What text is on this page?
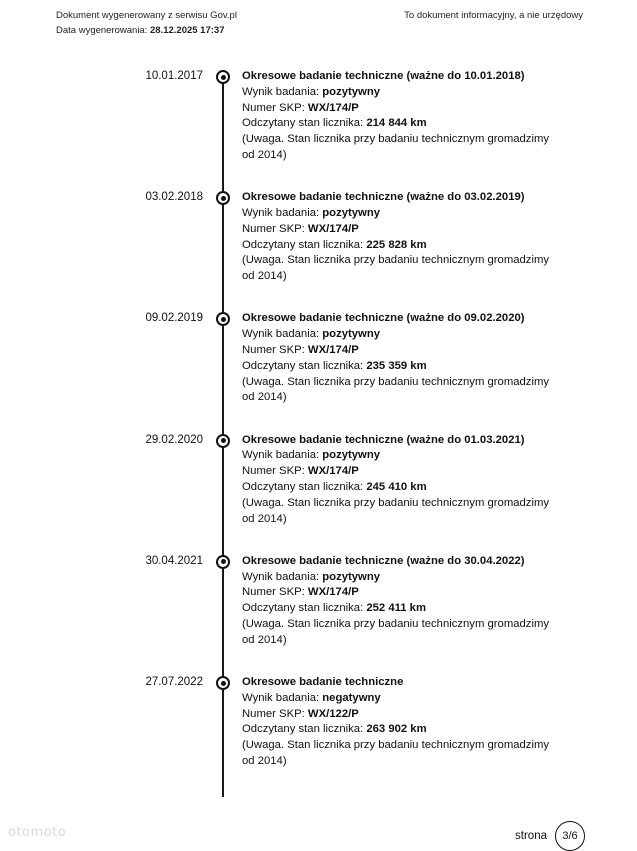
Dokument wygenerowany z serwisu Gov.pl
Data wygenerowania: 28.12.2025 17:37
To dokument informacyjny, a nie urzędowy
10.01.2017	Okresowe badanie techniczne (ważne do 10.01.2018)
Wynik badania: pozytywny
Numer SKP: WX/174/P
Odczytany stan licznika: 214 844 km
(Uwaga. Stan licznika przy badaniu technicznym gromadzimy od 2014)
03.02.2018	Okresowe badanie techniczne (ważne do 03.02.2019)
Wynik badania: pozytywny
Numer SKP: WX/174/P
Odczytany stan licznika: 225 828 km
(Uwaga. Stan licznika przy badaniu technicznym gromadzimy od 2014)
09.02.2019	Okresowe badanie techniczne (ważne do 09.02.2020)
Wynik badania: pozytywny
Numer SKP: WX/174/P
Odczytany stan licznika: 235 359 km
(Uwaga. Stan licznika przy badaniu technicznym gromadzimy od 2014)
29.02.2020	Okresowe badanie techniczne (ważne do 01.03.2021)
Wynik badania: pozytywny
Numer SKP: WX/174/P
Odczytany stan licznika: 245 410 km
(Uwaga. Stan licznika przy badaniu technicznym gromadzimy od 2014)
30.04.2021	Okresowe badanie techniczne (ważne do 30.04.2022)
Wynik badania: pozytywny
Numer SKP: WX/174/P
Odczytany stan licznika: 252 411 km
(Uwaga. Stan licznika przy badaniu technicznym gromadzimy od 2014)
27.07.2022	Okresowe badanie techniczne
Wynik badania: negatywny
Numer SKP: WX/122/P
Odczytany stan licznika: 263 902 km
(Uwaga. Stan licznika przy badaniu technicznym gromadzimy od 2014)
strona	3/6
otomoto
